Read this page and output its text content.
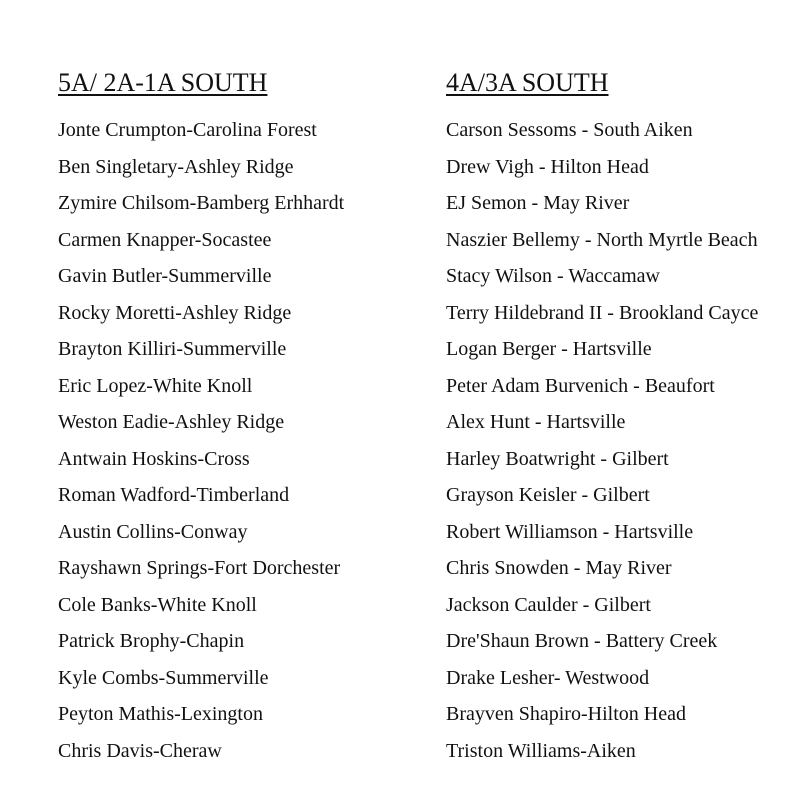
5A/ 2A-1A SOUTH
Jonte Crumpton-Carolina Forest
Ben Singletary-Ashley Ridge
Zymire Chilsom-Bamberg Erhhardt
Carmen Knapper-Socastee
Gavin Butler-Summerville
Rocky Moretti-Ashley Ridge
Brayton Killiri-Summerville
Eric Lopez-White Knoll
Weston Eadie-Ashley Ridge
Antwain Hoskins-Cross
Roman Wadford-Timberland
Austin Collins-Conway
Rayshawn Springs-Fort Dorchester
Cole Banks-White Knoll
Patrick Brophy-Chapin
Kyle Combs-Summerville
Peyton Mathis-Lexington
Chris Davis-Cheraw
4A/3A SOUTH
Carson Sessoms - South Aiken
Drew Vigh - Hilton Head
EJ Semon - May River
Naszier Bellemy - North Myrtle Beach
Stacy Wilson - Waccamaw
Terry Hildebrand II - Brookland Cayce
Logan Berger - Hartsville
Peter Adam Burvenich - Beaufort
Alex Hunt - Hartsville
Harley Boatwright - Gilbert
Grayson Keisler - Gilbert
Robert Williamson - Hartsville
Chris Snowden - May River
Jackson Caulder - Gilbert
Dre'Shaun Brown - Battery Creek
Drake Lesher- Westwood
Brayven Shapiro-Hilton Head
Triston Williams-Aiken
